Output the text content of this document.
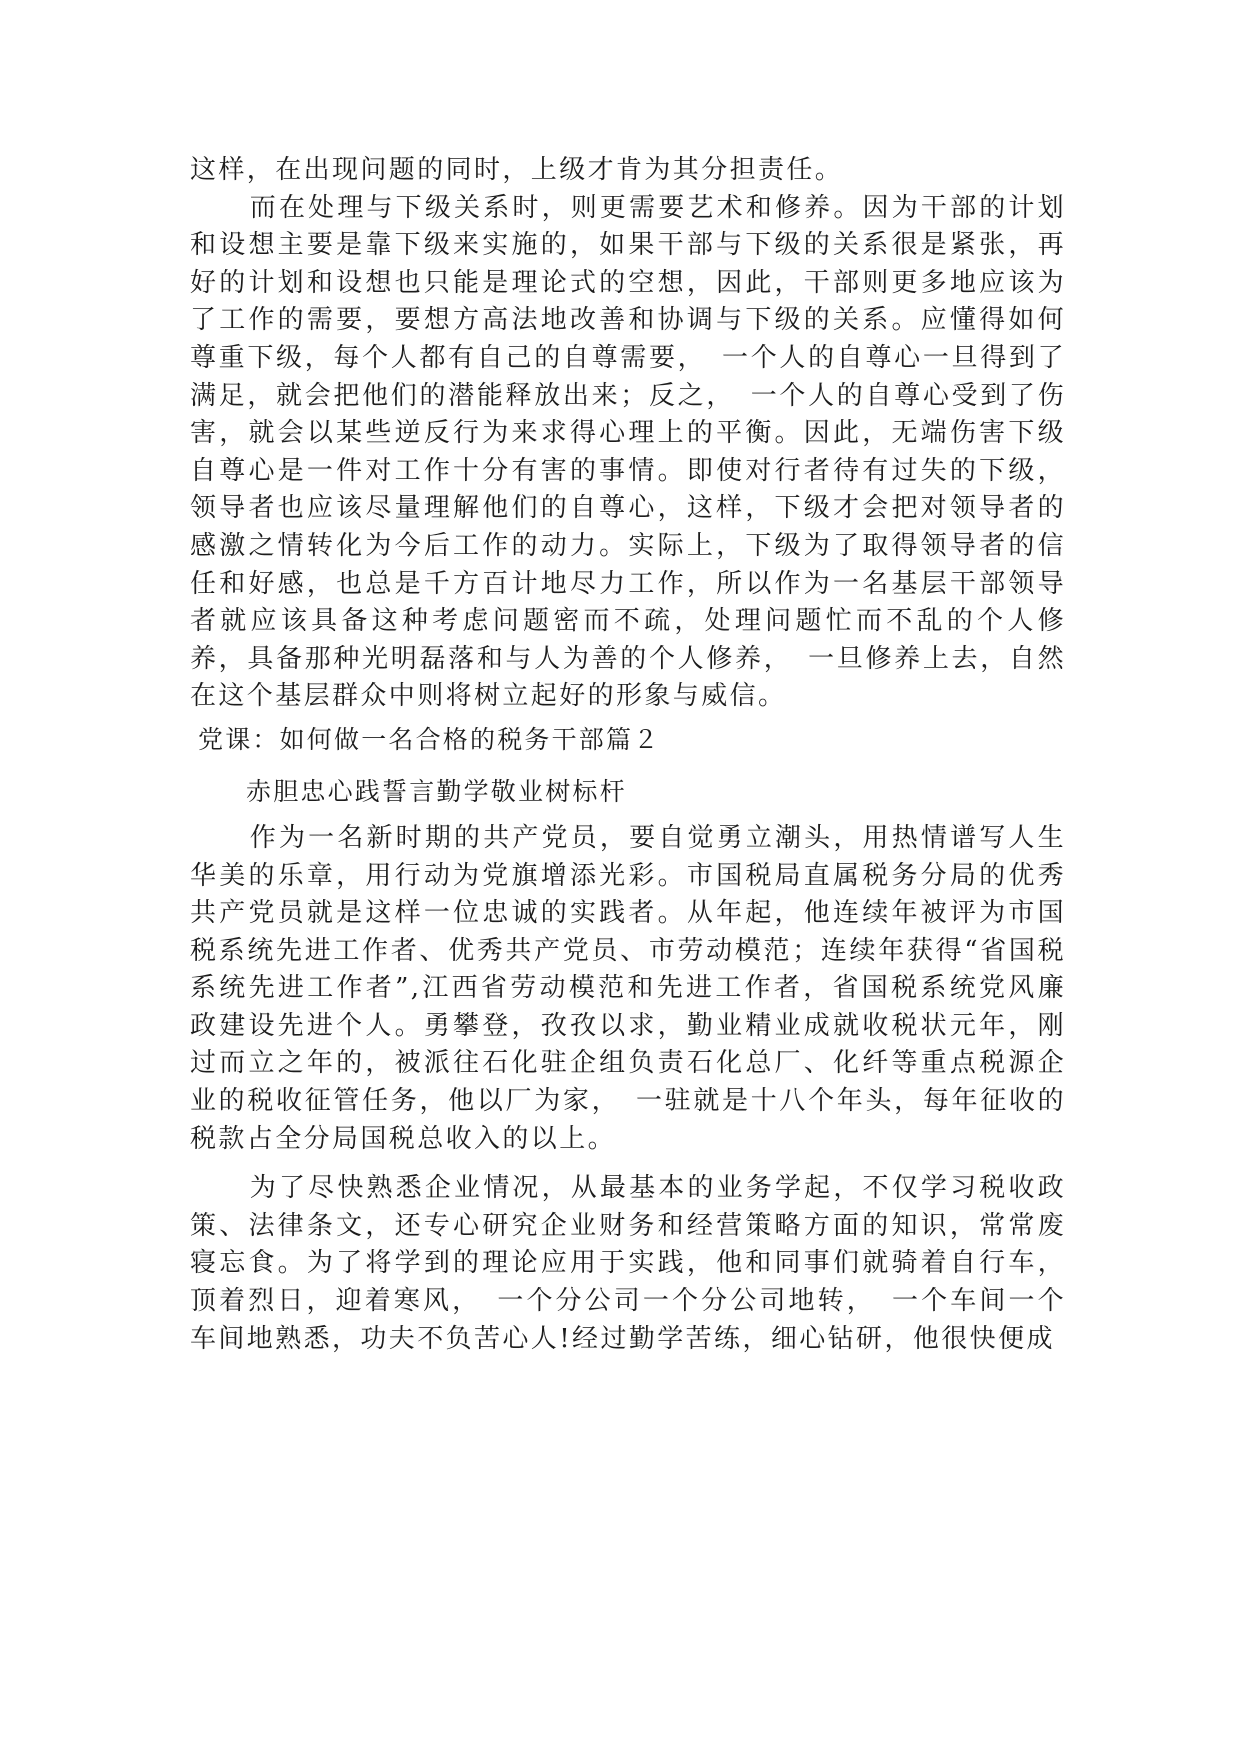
这样，在出现问题的同时，上级才肯为其分担责任。

而在处理与下级关系时，则更需要艺术和修养。因为干部的计划和设想主要是靠下级来实施的，如果干部与下级的关系很是紧张，再好的计划和设想也只能是理论式的空想，因此，干部则更多地应该为了工作的需要，要想方高法地改善和协调与下级的关系。应懂得如何尊重下级，每个人都有自己的自尊需要，　一个人的自尊心一旦得到了满足，就会把他们的潜能释放出来；反之，　一个人的自尊心受到了伤害，就会以某些逆反行为来求得心理上的平衡。因此，无端伤害下级自尊心是一件对工作十分有害的事情。即使对行者待有过失的下级，领导者也应该尽量理解他们的自尊心，这样，下级才会把对领导者的感激之情转化为今后工作的动力。实际上，下级为了取得领导者的信任和好感，也总是千方百计地尽力工作，所以作为一名基层干部领导者就应该具备这种考虑问题密而不疏，处理问题忙而不乱的个人修养，具备那种光明磊落和与人为善的个人修养，　一旦修养上去，自然在这个基层群众中则将树立起好的形象与威信。

党课：如何做一名合格的税务干部篇２
赤胆忠心践誓言勤学敬业树标杆

作为一名新时期的共产党员，要自觉勇立潮头，用热情谱写人生华美的乐章，用行动为党旗增添光彩。市国税局直属税务分局的优秀共产党员就是这样一位忠诚的实践者。从年起，他连续年被评为市国税系统先进工作者、优秀共产党员、市劳动模范；连续年获得“省国税系统先进工作者”,江西省劳动模范和先进工作者，省国税系统党风廉政建设先进个人。勇攀登，孜孜以求，勤业精业成就收税状元年，刚过而立之年的，被派往石化驻企组负责石化总厂、化纤等重点税源企业的税收征管任务，他以厂为家，　一驻就是十八个年头，每年征收的税款占全分局国税总收入的以上。

为了尽快熟悉企业情况，从最基本的业务学起，不仅学习税收政策、法律条文，还专心研究企业财务和经营策略方面的知识，常常废寝忘食。为了将学到的理论应用于实践，他和同事们就骑着自行车，顶着烈日，迎着寒风，　一个分公司一个分公司地转，　一个车间一个车间地熟悉，功夫不负苦心人!经过勤学苦练，细心钻研，他很快便成
